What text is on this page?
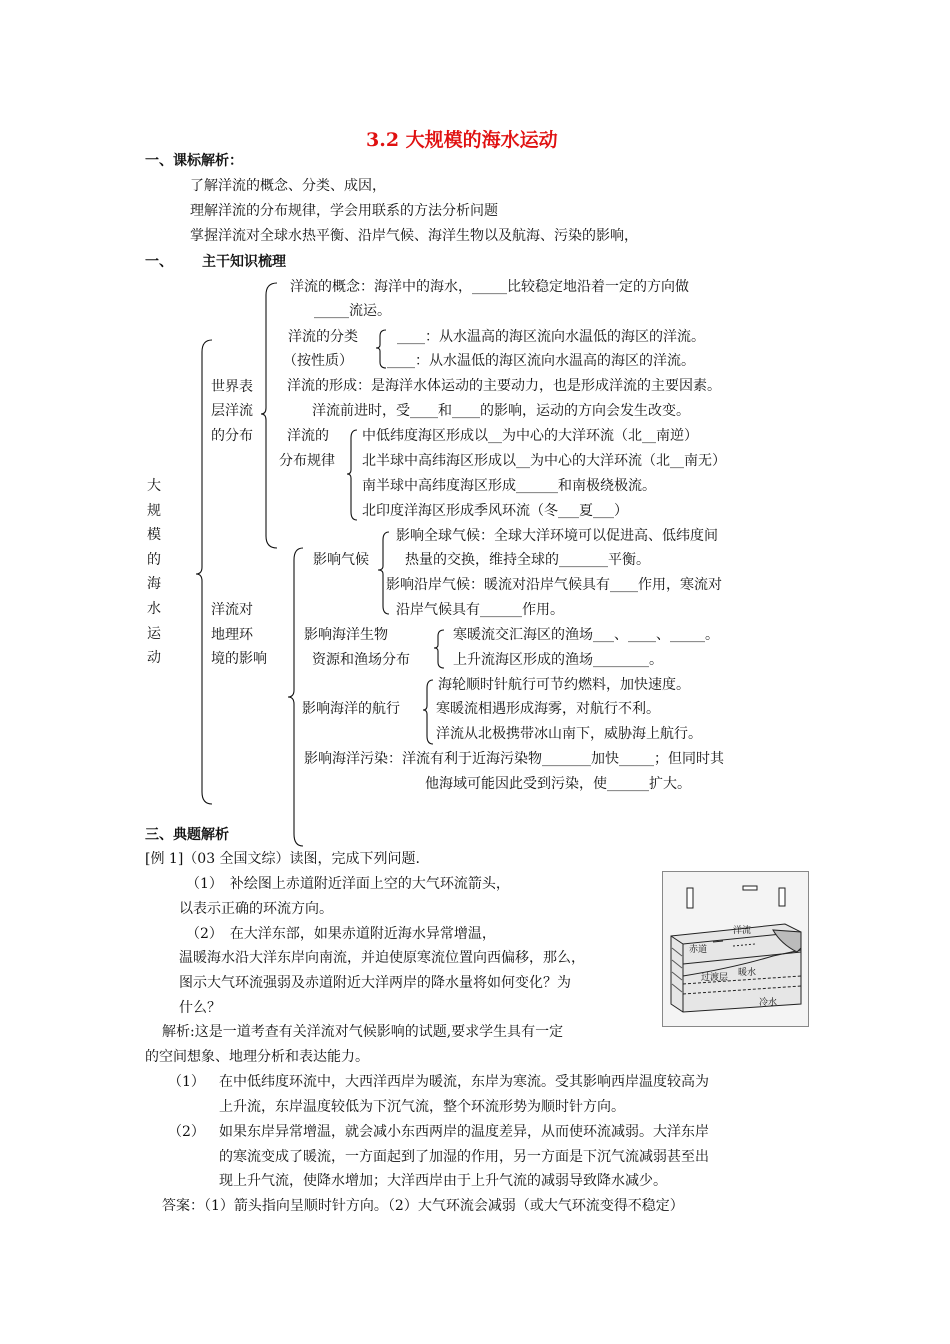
3.2 大规模的海水运动
一、课标解析：
了解洋流的概念、分类、成因，
理解洋流的分布规律，学会用联系的方法分析问题
掌握洋流对全球水热平衡、沿岸气候、海洋生物以及航海、污染的影响，
一、 主干知识梳理
大规模的海水运动
世界表
层洋流
的分布
洋流对
地理环
境的影响
洋流的概念：海洋中的海水，_____比较稳定地沿着一定的方向做
_____流运。
洋流的分类
（按性质）
____：从水温高的海区流向水温低的海区的洋流。
____：从水温低的海区流向水温高的海区的洋流。
洋流的形成：是海洋水体运动的主要动力，也是形成洋流的主要因素。
洋流前进时，受____和____的影响，运动的方向会发生改变。
洋流的
分布规律
中低纬度海区形成以__为中心的大洋环流（北__南逆）
北半球中高纬海区形成以__为中心的大洋环流（北__南无）
南半球中高纬度海区形成______和南极绕极流。
北印度洋海区形成季风环流（冬___夏___）
影响气候
影响全球气候：全球大洋环境可以促进高、低纬度间
热量的交换，维持全球的_______平衡。
影响沿岸气候：暖流对沿岸气候具有____作用，寒流对
沿岸气候具有______作用。
影响海洋生物
资源和渔场分布
寒暖流交汇海区的渔场___、____、_____。
上升流海区形成的渔场________。
影响海洋的航行
海轮顺时针航行可节约燃料，加快速度。
寒暖流相遇形成海雾，对航行不利。
洋流从北极携带冰山南下，威胁海上航行。
影响海洋污染：洋流有利于近海污染物_______加快_____；但同时其
他海域可能因此受到污染，使______扩大。
三、典题解析
[例 1]（03 全国文综）读图，完成下列问题.
（1）　补绘图上赤道附近洋面上空的大气环流箭头，
以表示正确的环流方向。
（2）　在大洋东部，如果赤道附近海水异常增温，
温暖海水沿大洋东岸向南流，并迫使原寒流位置向西偏移，那么，
图示大气环流强弱及赤道附近大洋两岸的降水量将如何变化？为
什么？
解析:这是一道考查有关洋流对气候影响的试题,要求学生具有一定
的空间想象、地理分析和表达能力。
（1） 在中低纬度环流中，大西洋西岸为暖流，东岸为寒流。受其影响西岸温度较高为
上升流，东岸温度较低为下沉气流，整个环流形势为顺时针方向。
（2） 如果东岸异常增温，就会减小东西两岸的温度差异，从而使环流减弱。大洋东岸
的寒流变成了暖流，一方面起到了加湿的作用，另一方面是下沉气流减弱甚至出
现上升气流，使降水增加；大洋西岸由于上升气流的减弱导致降水减少。
答案：（1）箭头指向呈顺时针方向。（2）大气环流会减弱（或大气环流变得不稳定）
洋流
赤道
过渡层 暖水
冷水
